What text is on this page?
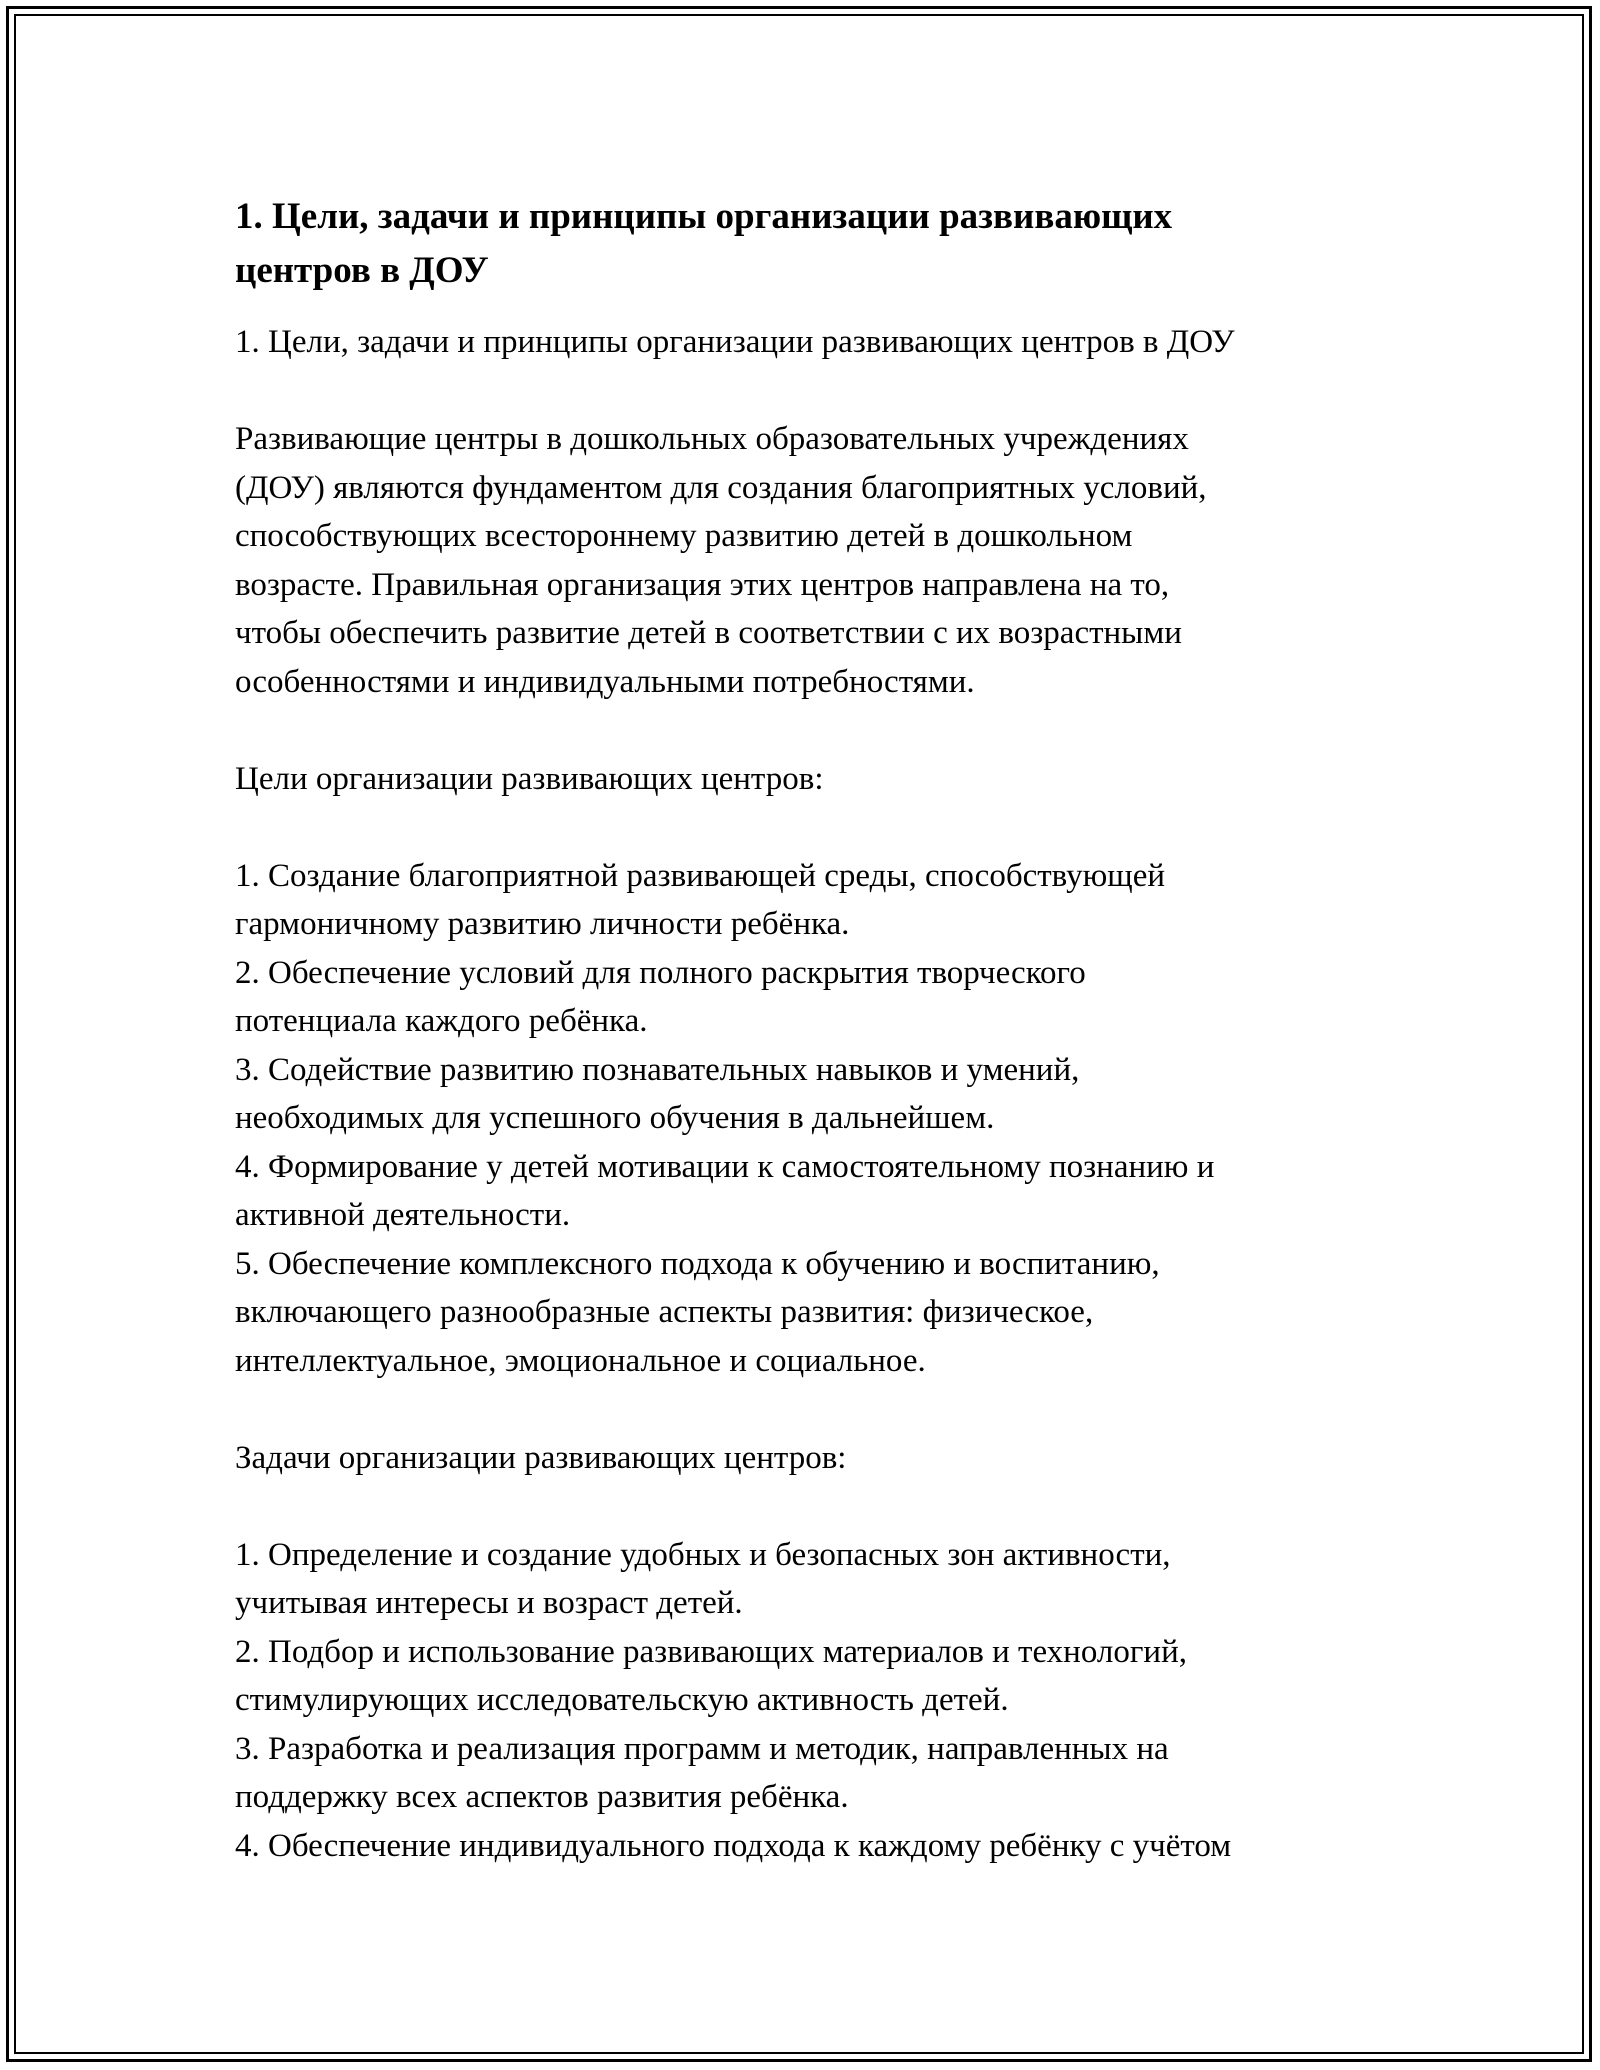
1. Цели, задачи и принципы организации развивающих
центров в ДОУ

1. Цели, задачи и принципы организации развивающих центров в ДОУ

Развивающие центры в дошкольных образовательных учреждениях
(ДОУ) являются фундаментом для создания благоприятных условий,
способствующих всестороннему развитию детей в дошкольном
возрасте. Правильная организация этих центров направлена на то,
чтобы обеспечить развитие детей в соответствии с их возрастными
особенностями и индивидуальными потребностями.

Цели организации развивающих центров:

1. Создание благоприятной развивающей среды, способствующей
гармоничному развитию личности ребёнка.
2. Обеспечение условий для полного раскрытия творческого
потенциала каждого ребёнка.
3. Содействие развитию познавательных навыков и умений,
необходимых для успешного обучения в дальнейшем.
4. Формирование у детей мотивации к самостоятельному познанию и
активной деятельности.
5. Обеспечение комплексного подхода к обучению и воспитанию,
включающего разнообразные аспекты развития: физическое,
интеллектуальное, эмоциональное и социальное.

Задачи организации развивающих центров:

1. Определение и создание удобных и безопасных зон активности,
учитывая интересы и возраст детей.
2. Подбор и использование развивающих материалов и технологий,
стимулирующих исследовательскую активность детей.
3. Разработка и реализация программ и методик, направленных на
поддержку всех аспектов развития ребёнка.
4. Обеспечение индивидуального подхода к каждому ребёнку с учётом
